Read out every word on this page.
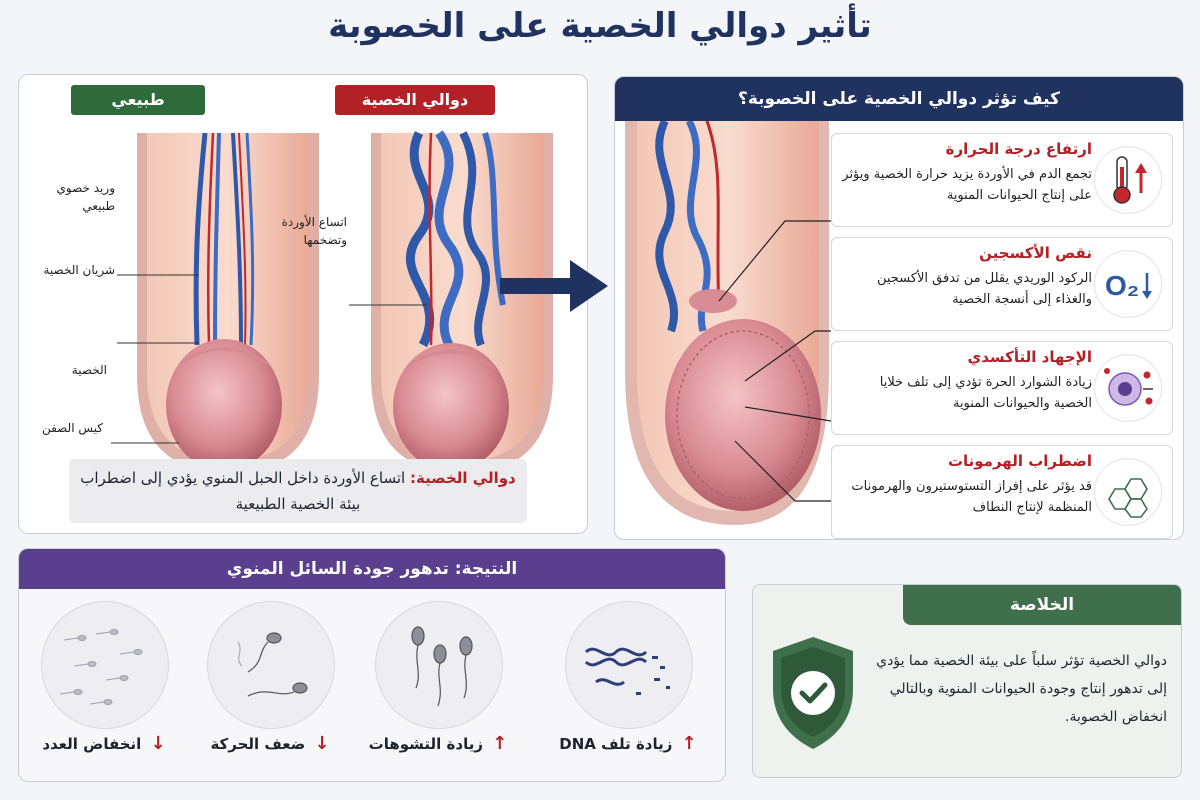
تأثير دوالي الخصية على الخصوبة
طبيعي	دوالي الخصية
وريد خصوي طبيعي
شريان الخصية
الخصية
كيس الصفن
اتساع الأوردة وتضخمها
دوالي الخصية: اتساع الأوردة داخل الحبل المنوي يؤدي إلى اضطراب بيئة الخصية الطبيعية
كيف تؤثر دوالي الخصية على الخصوبة؟
ارتفاع درجة الحرارة
تجمع الدم في الأوردة يزيد حرارة الخصية ويؤثر على إنتاج الحيوانات المنوية
نقص الأكسجين
الركود الوريدي يقلل من تدفق الأكسجين والغذاء إلى أنسجة الخصية O₂
الإجهاد التأكسدي
زيادة الشوارد الحرة تؤدي إلى تلف خلايا الخصية والحيوانات المنوية
اضطراب الهرمونات
قد يؤثر على إفراز التستوستيرون والهرمونات المنظمة لإنتاج النطاف
النتيجة: تدهور جودة السائل المنوي
↑ زيادة تلف DNA
↑ زيادة التشوهات
↓ ضعف الحركة
↓ انخفاض العدد
الخلاصة
دوالي الخصية تؤثر سلباً على بيئة الخصية مما يؤدي إلى تدهور إنتاج وجودة الحيوانات المنوية وبالتالي انخفاض الخصوبة.
